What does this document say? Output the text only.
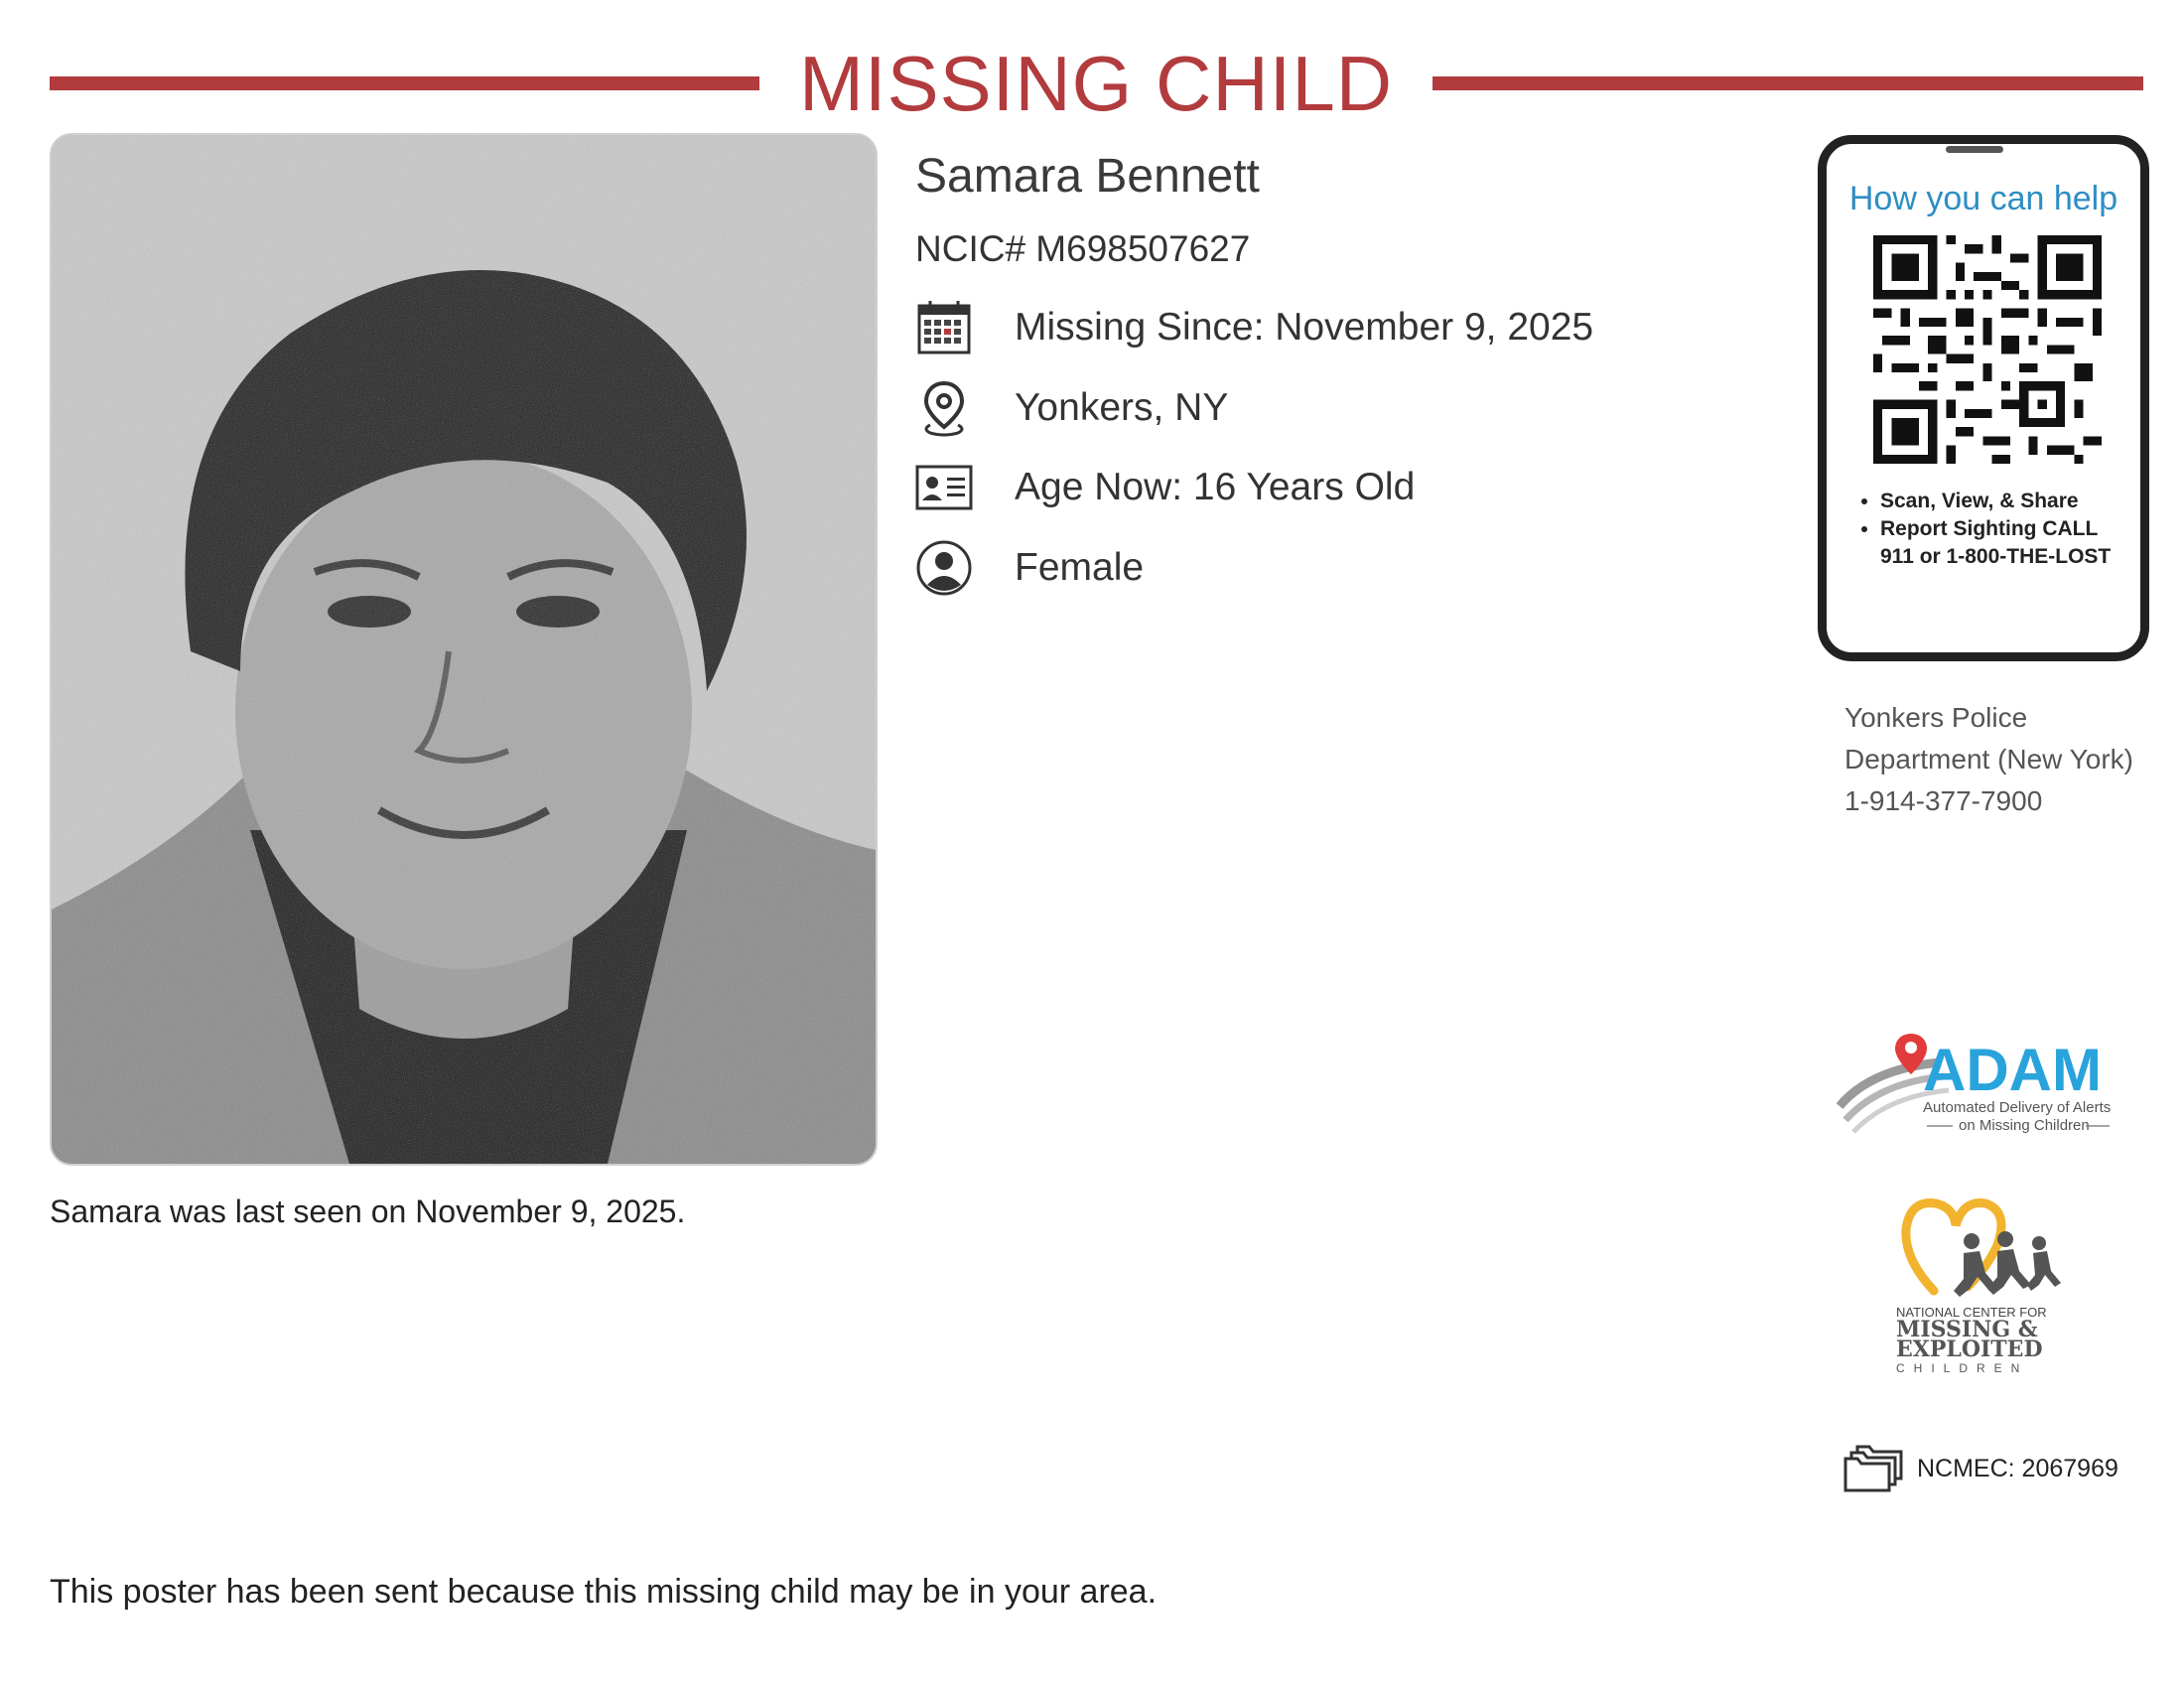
MISSING CHILD
Samara was last seen on November 9, 2025.
Samara Bennett
NCIC# M698507627
Missing Since: November 9, 2025
Yonkers, NY
Age Now: 16 Years Old
Female
How you can help
• Scan, View, & Share
• Report Sighting CALL 911 or 1-800-THE-LOST
Yonkers Police Department (New York) 1-914-377-7900
ADAM
Automated Delivery of Alerts
on Missing Children
NATIONAL CENTER FOR
MISSING &
EXPLOITED
CHILDREN
NCMEC: 2067969
This poster has been sent because this missing child may be in your area.
